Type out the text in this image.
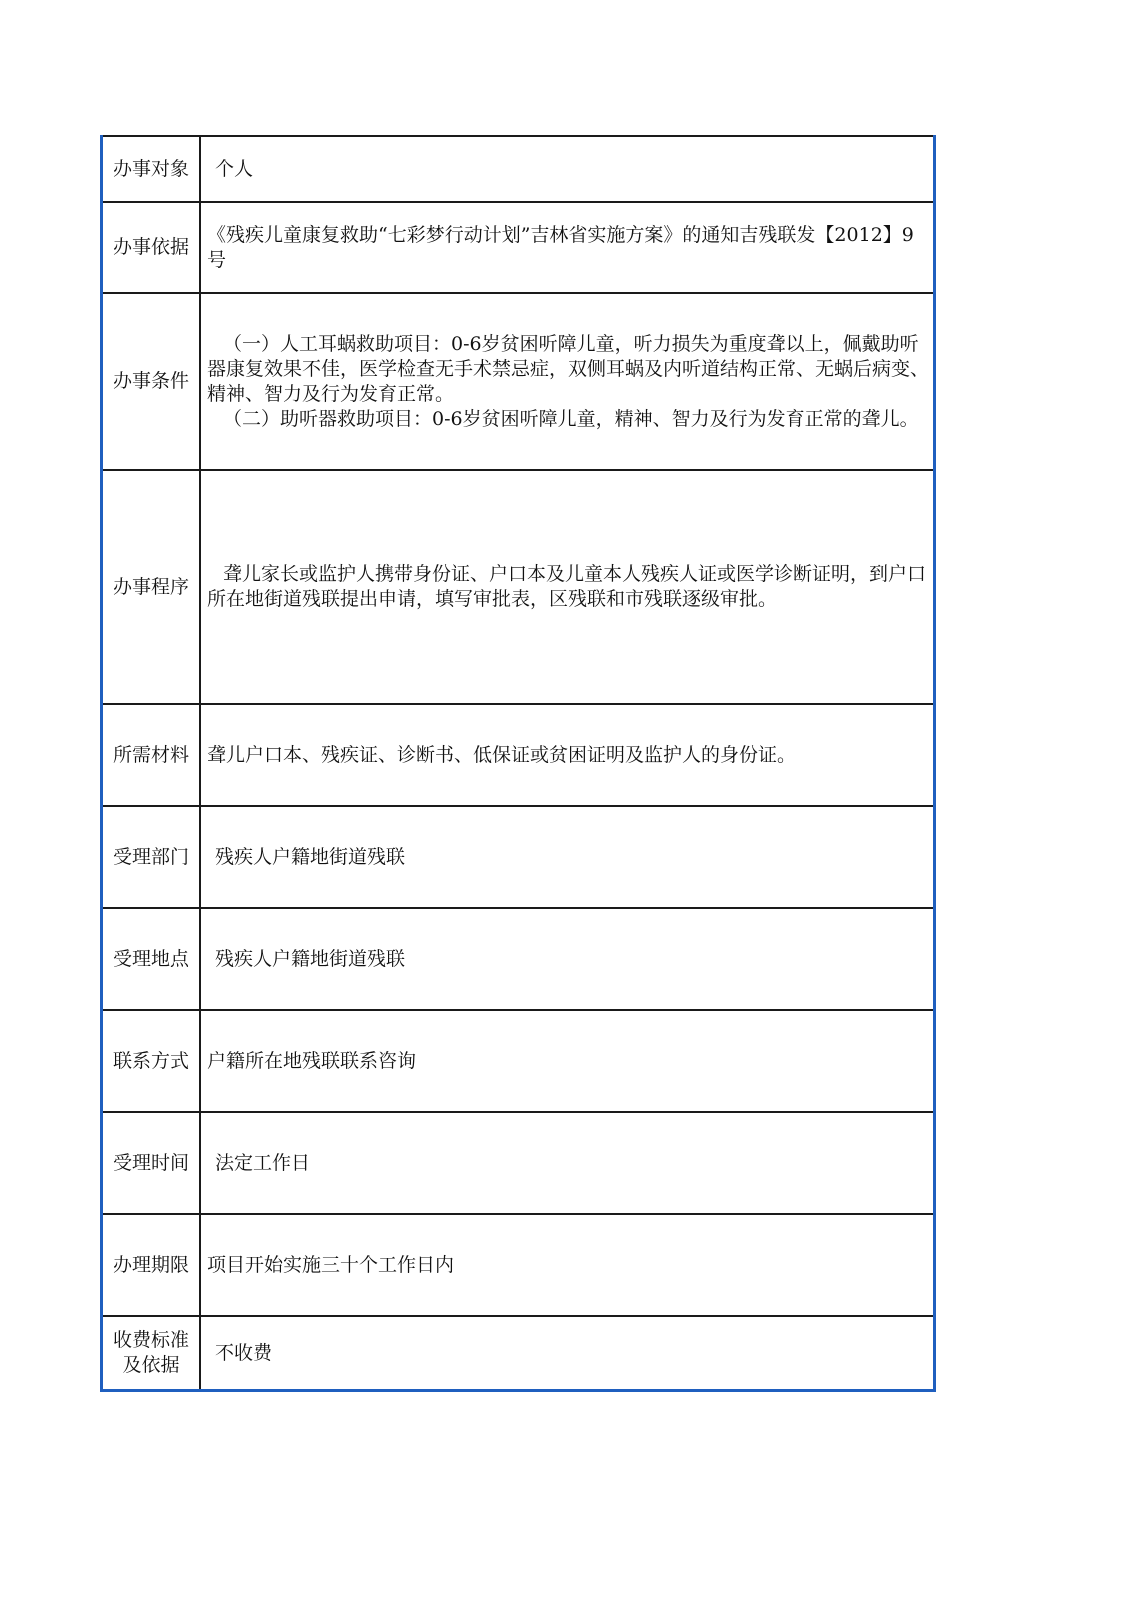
办事对象	个人
办事依据	《残疾儿童康复救助“七彩梦行动计划”吉林省实施方案》的通知吉残联发【2012】9号
办事条件	（一）人工耳蜗救助项目：0-6岁贫困听障儿童，听力损失为重度聋以上，佩戴助听器康复效果不佳，医学检查无手术禁忌症，双侧耳蜗及内听道结构正常、无蜗后病变、精神、智力及行为发育正常。
（二）助听器救助项目：0-6岁贫困听障儿童，精神、智力及行为发育正常的聋儿。

办事程序	聋儿家长或监护人携带身份证、户口本及儿童本人残疾人证或医学诊断证明，到户口所在地街道残联提出申请，填写审批表，区残联和市残联逐级审批。

所需材料	聋儿户口本、残疾证、诊断书、低保证或贫困证明及监护人的身份证。
受理部门	残疾人户籍地街道残联
受理地点	残疾人户籍地街道残联
联系方式	户籍所在地残联联系咨询
受理时间	法定工作日
办理期限	项目开始实施三十个工作日内
收费标准
及依据	不收费
